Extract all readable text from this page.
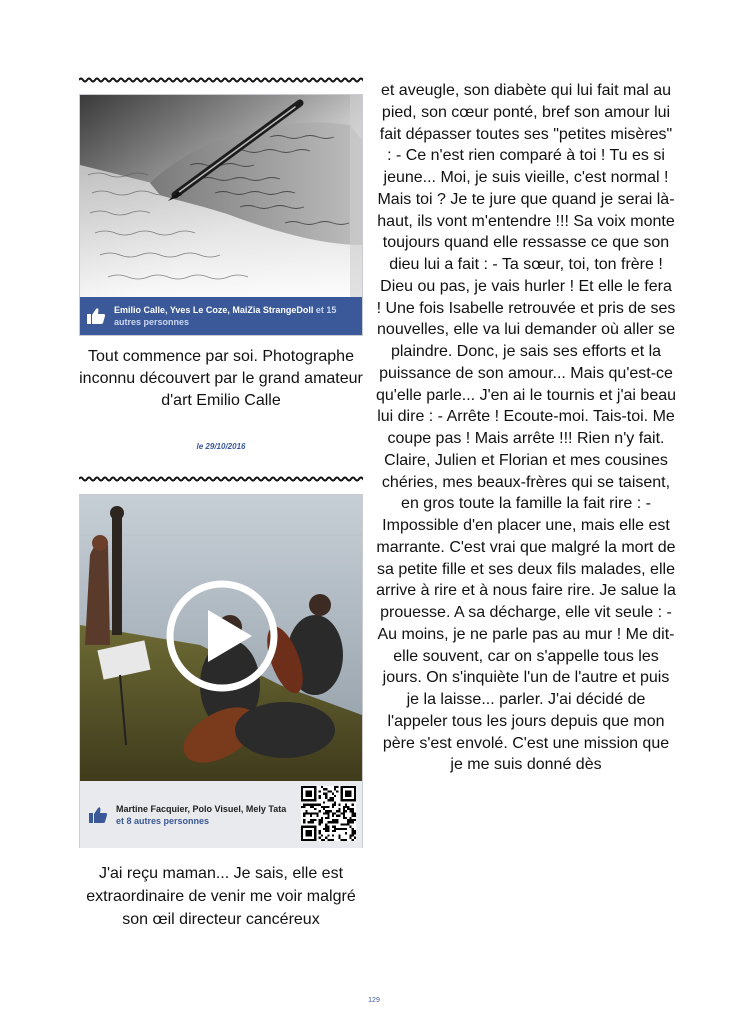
Emilio Calle, Yves Le Coze, MaiZia StrangeDoll et 15 autres personnes
Tout commence par soi. Photographe inconnu découvert par le grand amateur d'art Emilio Calle
le 29/10/2016
Martine Facquier, Polo Visuel, Mely Tata et 8 autres personnes
J'ai reçu maman... Je sais, elle est extraordinaire de venir me voir malgré son œil directeur cancéreux
et aveugle, son diabète qui lui fait mal au pied, son cœur ponté, bref son amour lui fait dépasser toutes ses "petites misères" : - Ce n'est rien comparé à toi ! Tu es si jeune... Moi, je suis vieille, c'est normal ! Mais toi ? Je te jure que quand je serai là-haut, ils vont m'entendre !!! Sa voix monte toujours quand elle ressasse ce que son dieu lui a fait : - Ta sœur, toi, ton frère ! Dieu ou pas, je vais hurler ! Et elle le fera ! Une fois Isabelle retrouvée et pris de ses nouvelles, elle va lui demander où aller se plaindre. Donc, je sais ses efforts et la puissance de son amour... Mais qu'est-ce qu'elle parle... J'en ai le tournis et j'ai beau lui dire : - Arrête ! Ecoute-moi. Tais-toi. Me coupe pas ! Mais arrête !!! Rien n'y fait. Claire, Julien et Florian et mes cousines chéries, mes beaux-frères qui se taisent, en gros toute la famille la fait rire : - Impossible d'en placer une, mais elle est marrante. C'est vrai que malgré la mort de sa petite fille et ses deux fils malades, elle arrive à rire et à nous faire rire. Je salue la prouesse. A sa décharge, elle vit seule : - Au moins, je ne parle pas au mur ! Me dit-elle souvent, car on s'appelle tous les jours. On s'inquiète l'un de l'autre et puis je la laisse... parler. J'ai décidé de l'appeler tous les jours depuis que mon père s'est envolé. C'est une mission que je me suis donné dès
129
